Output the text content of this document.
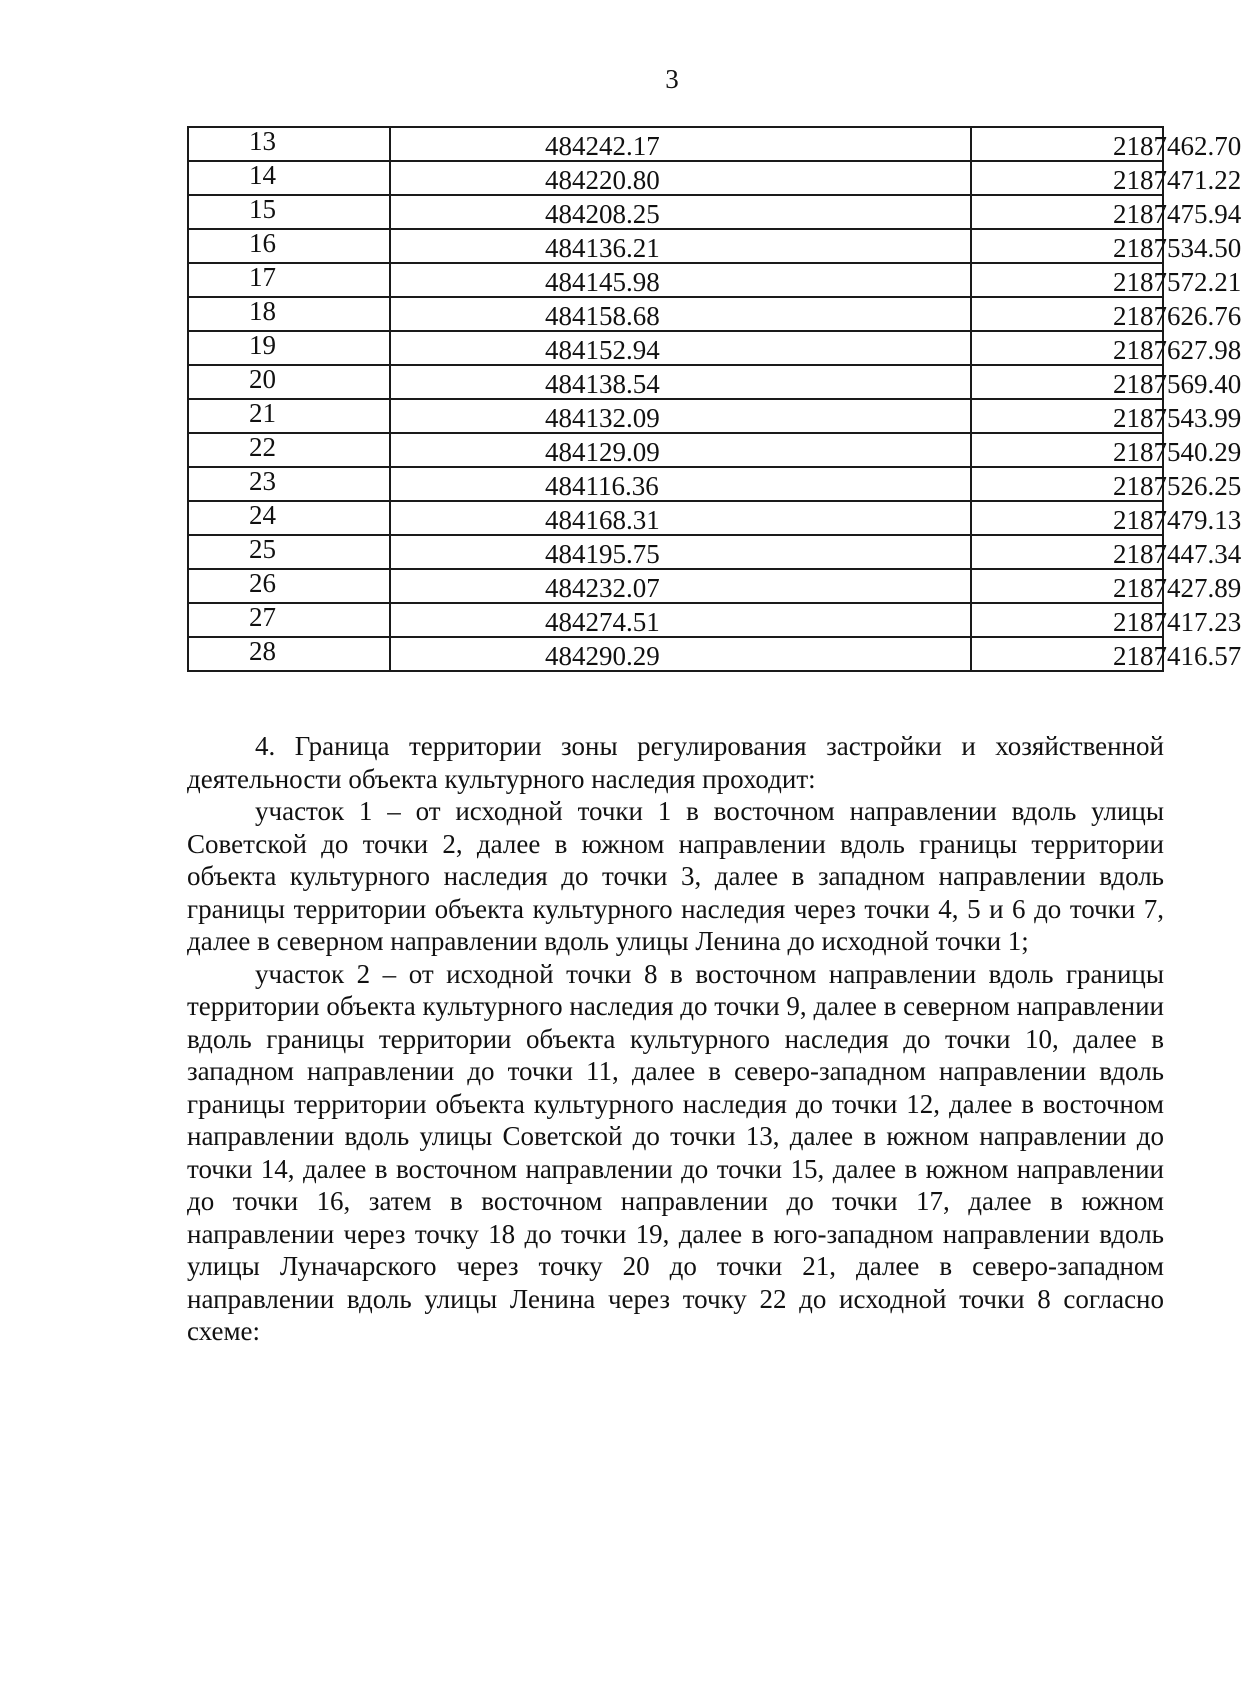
3
13	484242.17	2187462.70
14	484220.80	2187471.22
15	484208.25	2187475.94
16	484136.21	2187534.50
17	484145.98	2187572.21
18	484158.68	2187626.76
19	484152.94	2187627.98
20	484138.54	2187569.40
21	484132.09	2187543.99
22	484129.09	2187540.29
23	484116.36	2187526.25
24	484168.31	2187479.13
25	484195.75	2187447.34
26	484232.07	2187427.89
27	484274.51	2187417.23
28	484290.29	2187416.57

4. Граница территории зоны регулирования застройки и хозяйственной деятельности объекта культурного наследия проходит:

участок 1 – от исходной точки 1 в восточном направлении вдоль улицы Советской до точки 2, далее в южном направлении вдоль границы территории объекта культурного наследия до точки 3, далее в западном направлении вдоль границы территории объекта культурного наследия через точки 4, 5 и 6 до точки 7, далее в северном направлении вдоль улицы Ленина до исходной точки 1;

участок 2 – от исходной точки 8 в восточном направлении вдоль границы территории объекта культурного наследия до точки 9, далее в северном направлении вдоль границы территории объекта культурного наследия до точки 10, далее в западном направлении до точки 11, далее в северо-западном направлении вдоль границы территории объекта культурного наследия до точки 12, далее в восточном направлении вдоль улицы Советской до точки 13, далее в южном направлении до точки 14, далее в восточном направлении до точки 15, далее в южном направлении до точки 16, затем в восточном направлении до точки 17, далее в южном направлении через точку 18 до точки 19, далее в юго-западном направлении вдоль улицы Луначарского через точку 20 до точки 21, далее в северо-западном направлении вдоль улицы Ленина через точку 22 до исходной точки 8 согласно схеме:
